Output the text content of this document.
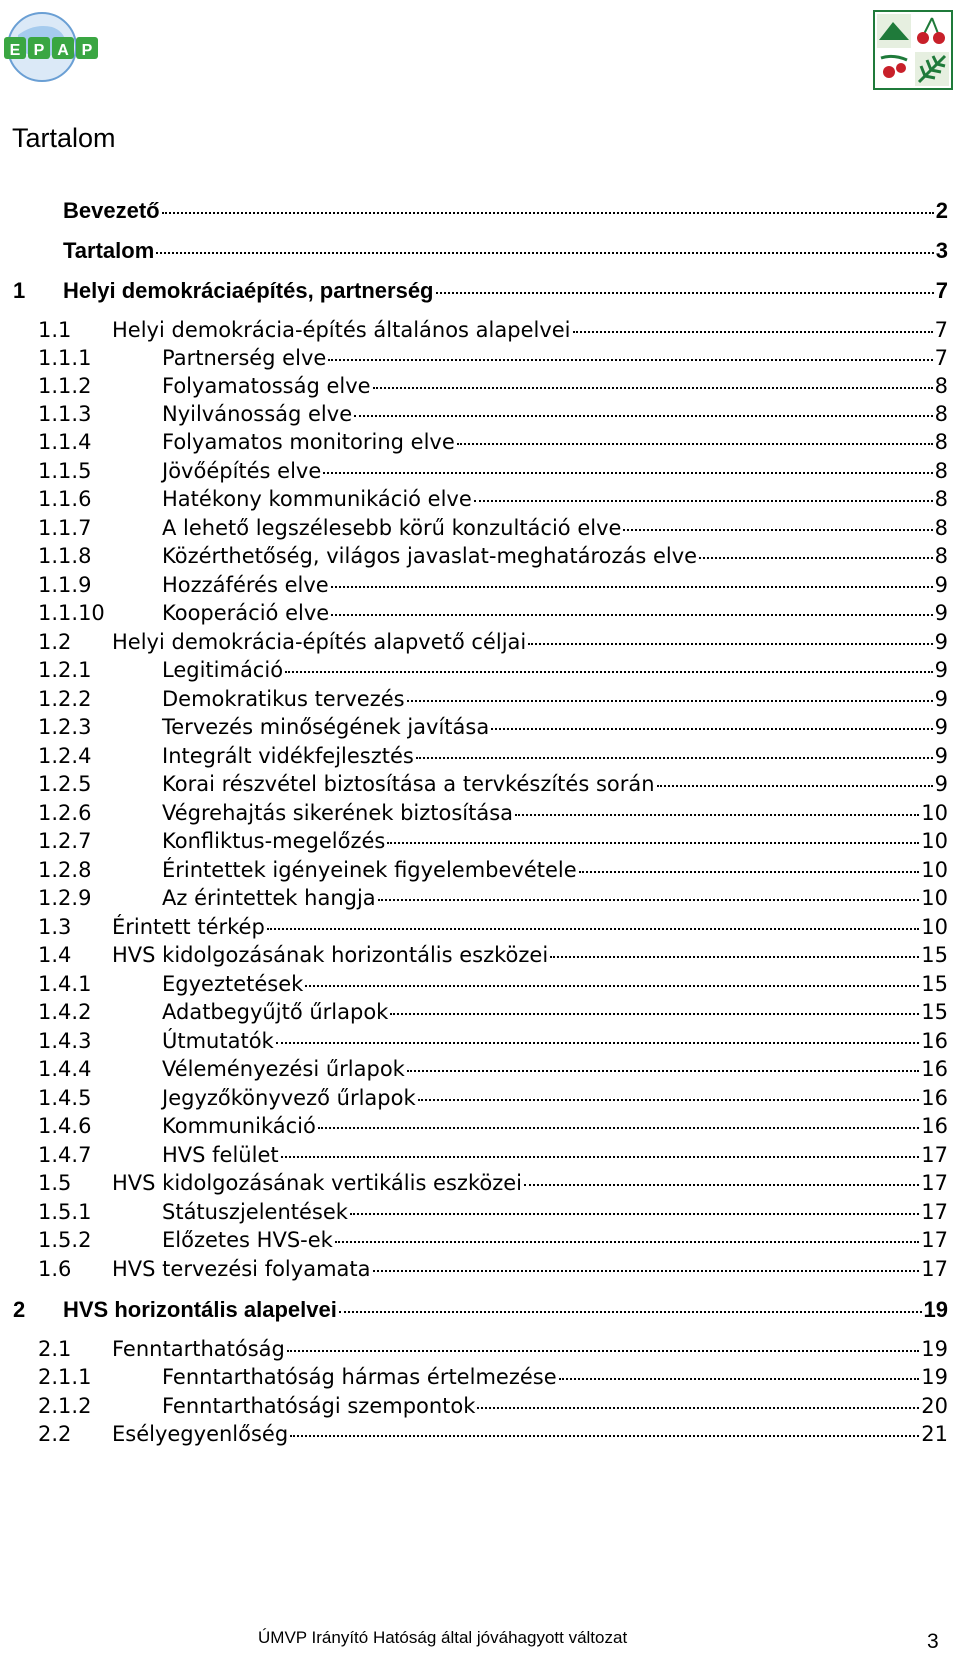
E P A P
Tartalom
Bevezető	2
Tartalom	3
1	Helyi demokráciaépítés, partnerség	7
1.1	Helyi demokrácia-építés általános alapelvei	7
1.1.1	Partnerség elve	7
1.1.2	Folyamatosság elve	8
1.1.3	Nyilvánosság elve	8
1.1.4	Folyamatos monitoring elve	8
1.1.5	Jövőépítés elve	8
1.1.6	Hatékony kommunikáció elve	8
1.1.7	A lehető legszélesebb körű konzultáció elve	8
1.1.8	Közérthetőség, világos javaslat-meghatározás elve	8
1.1.9	Hozzáférés elve	9
1.1.10	Kooperáció elve	9
1.2	Helyi demokrácia-építés alapvető céljai	9
1.2.1	Legitimáció	9
1.2.2	Demokratikus tervezés	9
1.2.3	Tervezés minőségének javítása	9
1.2.4	Integrált vidékfejlesztés	9
1.2.5	Korai részvétel biztosítása a tervkészítés során	9
1.2.6	Végrehajtás sikerének biztosítása	10
1.2.7	Konfliktus-megelőzés	10
1.2.8	Érintettek igényeinek figyelembevétele	10
1.2.9	Az érintettek hangja	10
1.3	Érintett térkép	10
1.4	HVS kidolgozásának horizontális eszközei	15
1.4.1	Egyeztetések	15
1.4.2	Adatbegyűjtő űrlapok	15
1.4.3	Útmutatók	16
1.4.4	Véleményezési űrlapok	16
1.4.5	Jegyzőkönyvező űrlapok	16
1.4.6	Kommunikáció	16
1.4.7	HVS felület	17
1.5	HVS kidolgozásának vertikális eszközei	17
1.5.1	Státuszjelentések	17
1.5.2	Előzetes HVS-ek	17
1.6	HVS tervezési folyamata	17
2	HVS horizontális alapelvei	19
2.1	Fenntarthatóság	19
2.1.1	Fenntarthatóság hármas értelmezése	19
2.1.2	Fenntarthatósági szempontok	20
2.2	Esélyegyenlőség	21
ÚMVP Irányító Hatóság által jóváhagyott változat	3
